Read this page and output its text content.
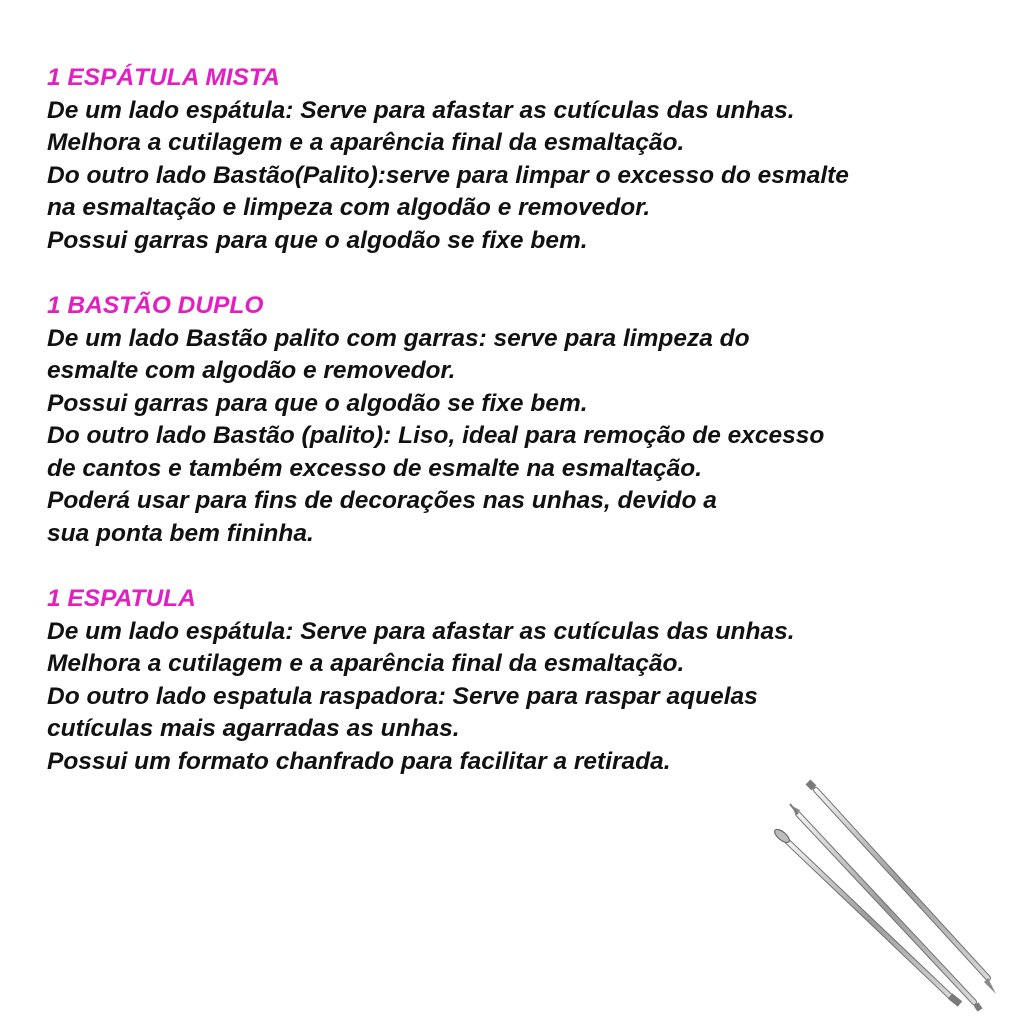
1 ESPÁTULA MISTA

De um lado espátula: Serve para afastar as cutículas das unhas.

Melhora a cutilagem e a aparência final da esmaltação.

Do outro lado Bastão(Palito):serve para limpar o excesso do esmalte

na esmaltação e limpeza com algodão e removedor.

Possui garras para que o algodão se fixe bem.

1 BASTÃO DUPLO

De um lado Bastão palito com garras: serve para limpeza do

esmalte com algodão e removedor.

Possui garras para que o algodão se fixe bem.

Do outro lado Bastão (palito): Liso, ideal para remoção de excesso

de cantos e também excesso de esmalte na esmaltação.

Poderá usar para fins de decorações nas unhas, devido a

sua ponta bem fininha.

1 ESPATULA

De um lado espátula: Serve para afastar as cutículas das unhas.

Melhora a cutilagem e a aparência final da esmaltação.

Do outro lado espatula raspadora: Serve para raspar aquelas

cutículas mais agarradas as unhas.

Possui um formato chanfrado para facilitar a retirada.
